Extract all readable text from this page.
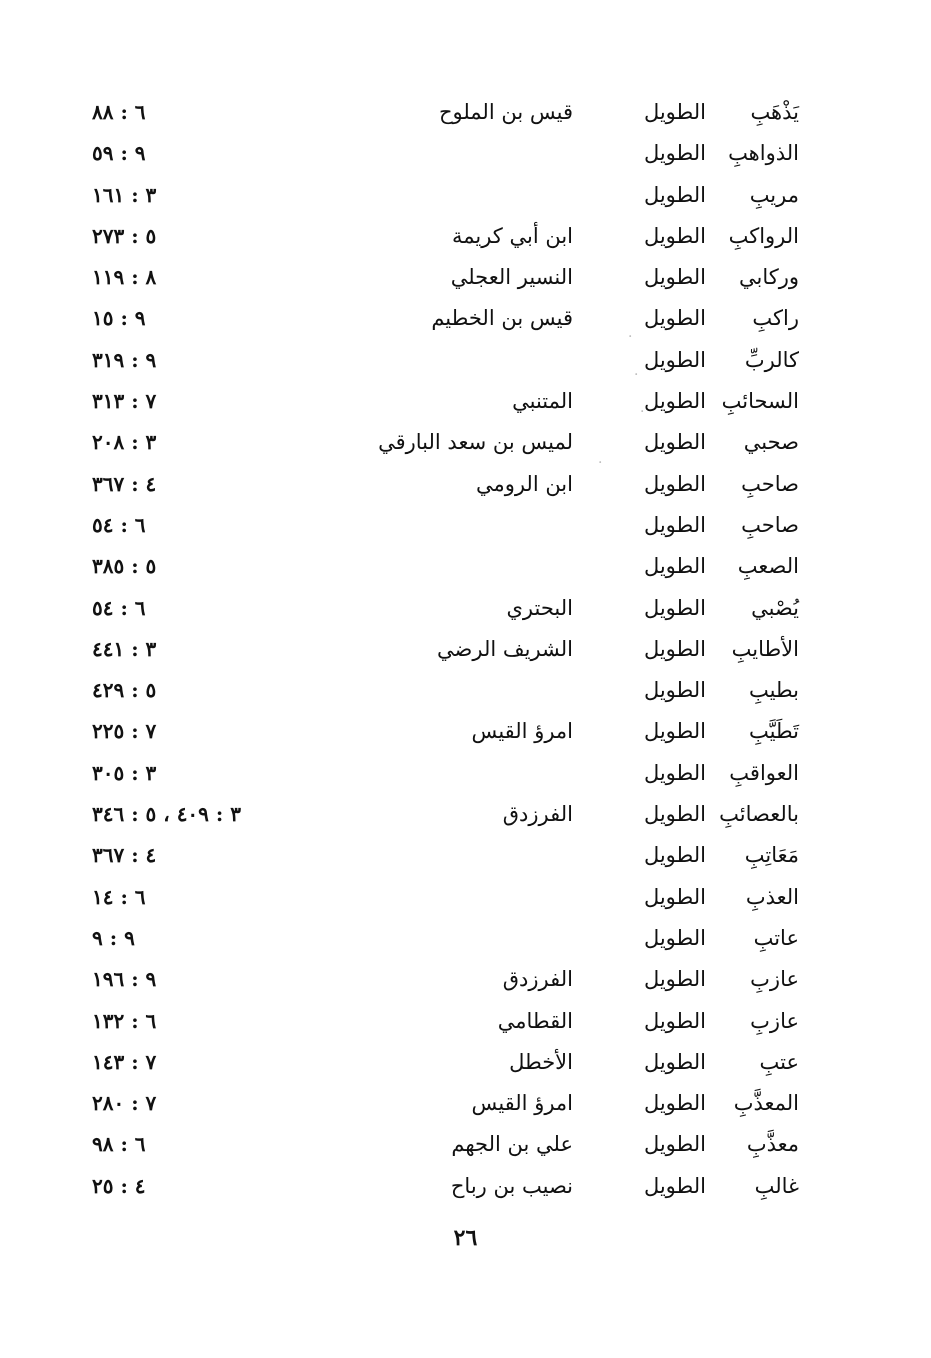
يَذْهَبِ
الطويل
قيس بن الملوح
٦ : ٨٨
الذواهبِ
الطويل
٩ : ٥٩
مريبِ
الطويل
٣ : ١٦١
الرواكبِ
الطويل
ابن أبي كريمة
٥ : ٢٧٣
وركابي
الطويل
النسير العجلي
٨ : ١١٩
راكبِ
الطويل
قيس بن الخطيم
٩ : ١٥
كالربِّ
الطويل
٩ : ٣١٩
السحائبِ
الطويل
المتنبي
٧ : ٣١٣
صحبي
الطويل
لميس بن سعد البارقي
٣ : ٢٠٨
صاحبِ
الطويل
ابن الرومي
٤ : ٣٦٧
صاحبِ
الطويل
٦ : ٥٤
الصعبِ
الطويل
٥ : ٣٨٥
يُصْبي
الطويل
البحتري
٦ : ٥٤
الأطايبِ
الطويل
الشريف الرضي
٣ : ٤٤١
بطيبِ
الطويل
٥ : ٤٢٩
تَطَيَّبِ
الطويل
امرؤ القيس
٧ : ٢٢٥
العواقبِ
الطويل
٣ : ٣٠٥
بالعصائبِ
الطويل
الفرزدق
٣ : ٤٠٩ ، ٥ : ٣٤٦
مَعَاتِبِ
الطويل
٤ : ٣٦٧
العذبِ
الطويل
٦ : ١٤
عاتبِ
الطويل
٩ : ٩
عازبِ
الطويل
الفرزدق
٩ : ١٩٦
عازبِ
الطويل
القطامي
٦ : ١٣٢
عتبِ
الطويل
الأخطل
٧ : ١٤٣
المعذَّبِ
الطويل
امرؤ القيس
٧ : ٢٨٠
معذَّبِ
الطويل
علي بن الجهم
٦ : ٩٨
غالبِ
الطويل
نصيب بن رباح
٤ : ٢٥
·
·
·
·
٢٦
